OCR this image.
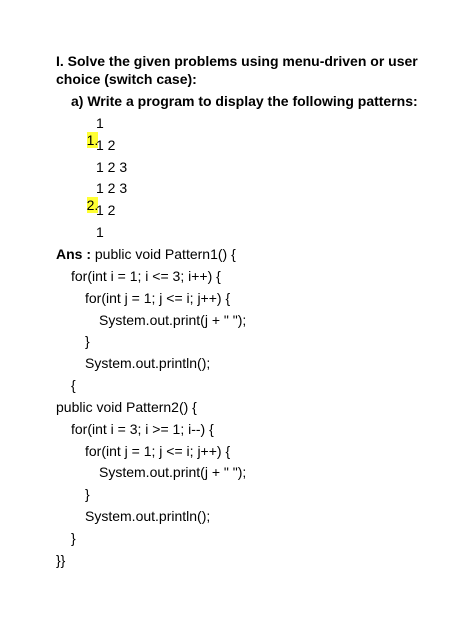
I. Solve the given problems using menu-driven or user
choice (switch case):
a) Write a program to display the following patterns:

1.

1
1 2
1 2 3

2.

1 2 3
1 2
1
Ans : public void Pattern1() {
for(int i = 1; i <= 3; i++) {
for(int j = 1; j <= i; j++) {
System.out.print(j + " ");
}
System.out.println();
{
public void Pattern2() {
for(int i = 3; i >= 1; i--) {
for(int j = 1; j <= i; j++) {
System.out.print(j + " ");
}
System.out.println();
}
}}
